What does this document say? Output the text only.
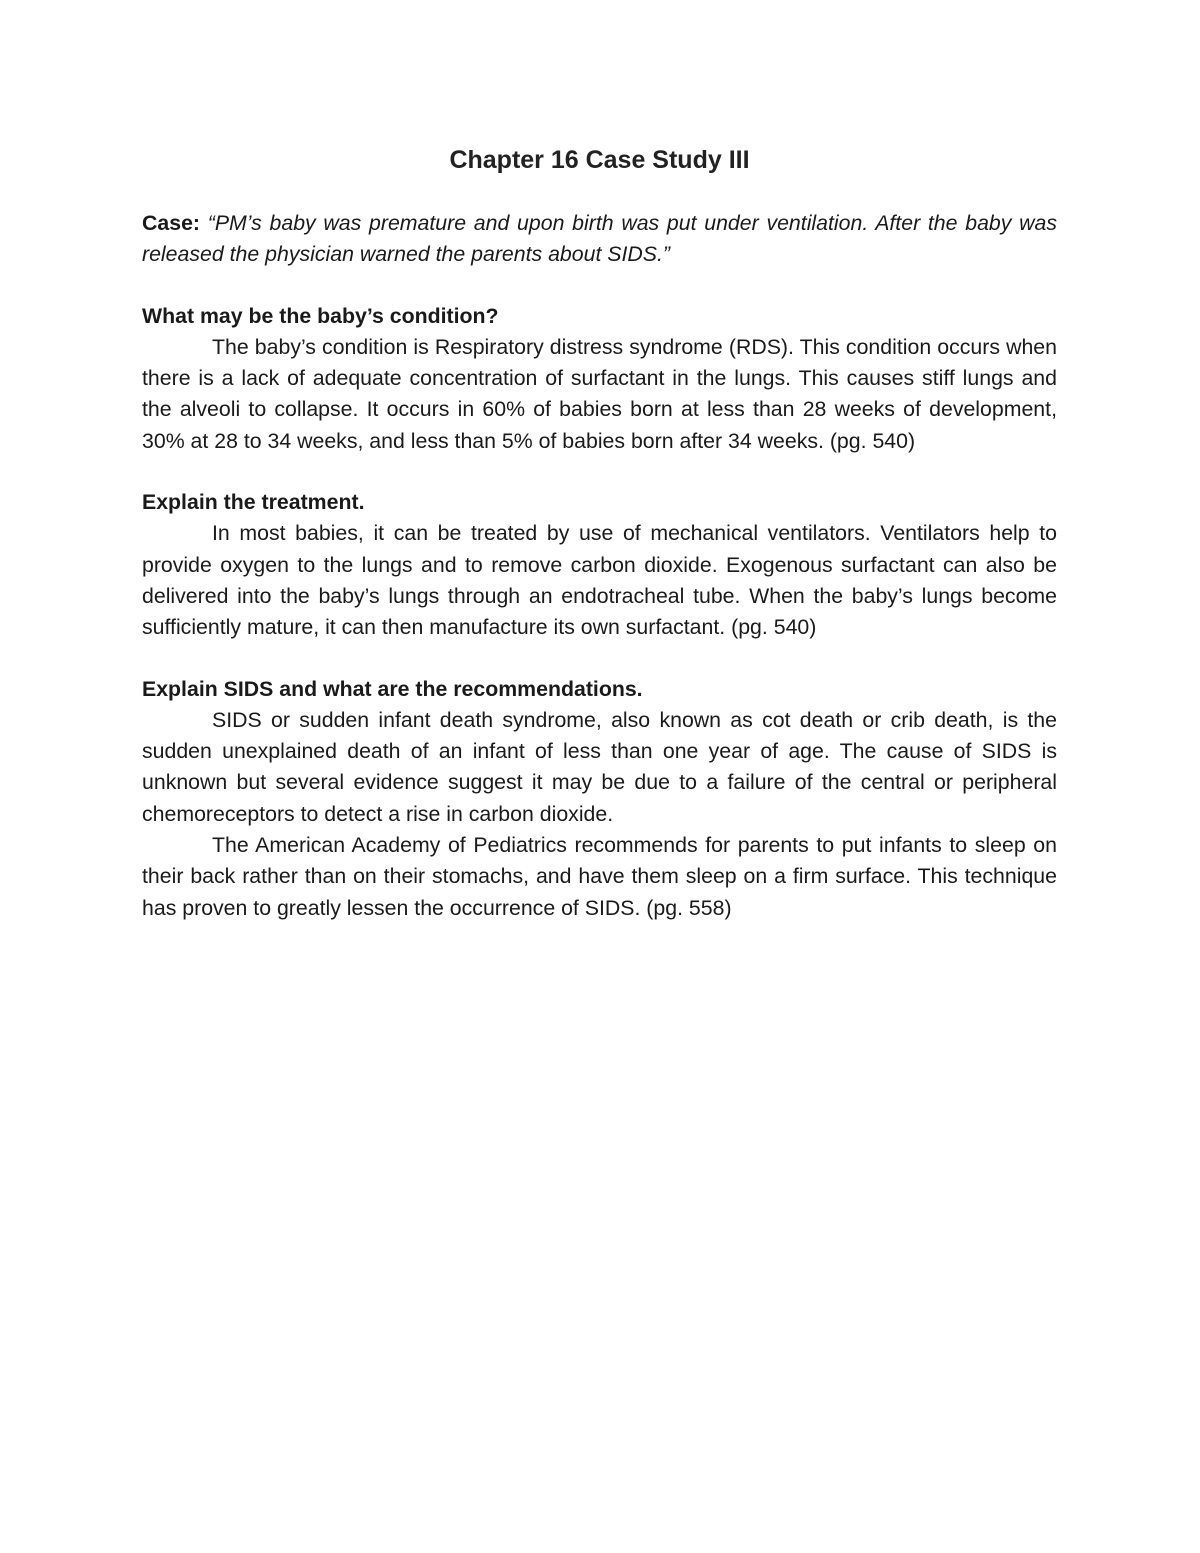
Chapter 16 Case Study III

Case: “PM’s baby was premature and upon birth was put under ventilation. After the baby was released the physician warned the parents about SIDS.”

What may be the baby’s condition?

The baby’s condition is Respiratory distress syndrome (RDS). This condition occurs when there is a lack of adequate concentration of surfactant in the lungs. This causes stiff lungs and the alveoli to collapse. It occurs in 60% of babies born at less than 28 weeks of development, 30% at 28 to 34 weeks, and less than 5% of babies born after 34 weeks. (pg. 540)

Explain the treatment.

In most babies, it can be treated by use of mechanical ventilators. Ventilators help to provide oxygen to the lungs and to remove carbon dioxide. Exogenous surfactant can also be delivered into the baby’s lungs through an endotracheal tube. When the baby’s lungs become sufficiently mature, it can then manufacture its own surfactant. (pg. 540)

Explain SIDS and what are the recommendations.

SIDS or sudden infant death syndrome, also known as cot death or crib death, is the sudden unexplained death of an infant of less than one year of age. The cause of SIDS is unknown but several evidence suggest it may be due to a failure of the central or peripheral chemoreceptors to detect a rise in carbon dioxide.

The American Academy of Pediatrics recommends for parents to put infants to sleep on their back rather than on their stomachs, and have them sleep on a firm surface. This technique has proven to greatly lessen the occurrence of SIDS. (pg. 558)
